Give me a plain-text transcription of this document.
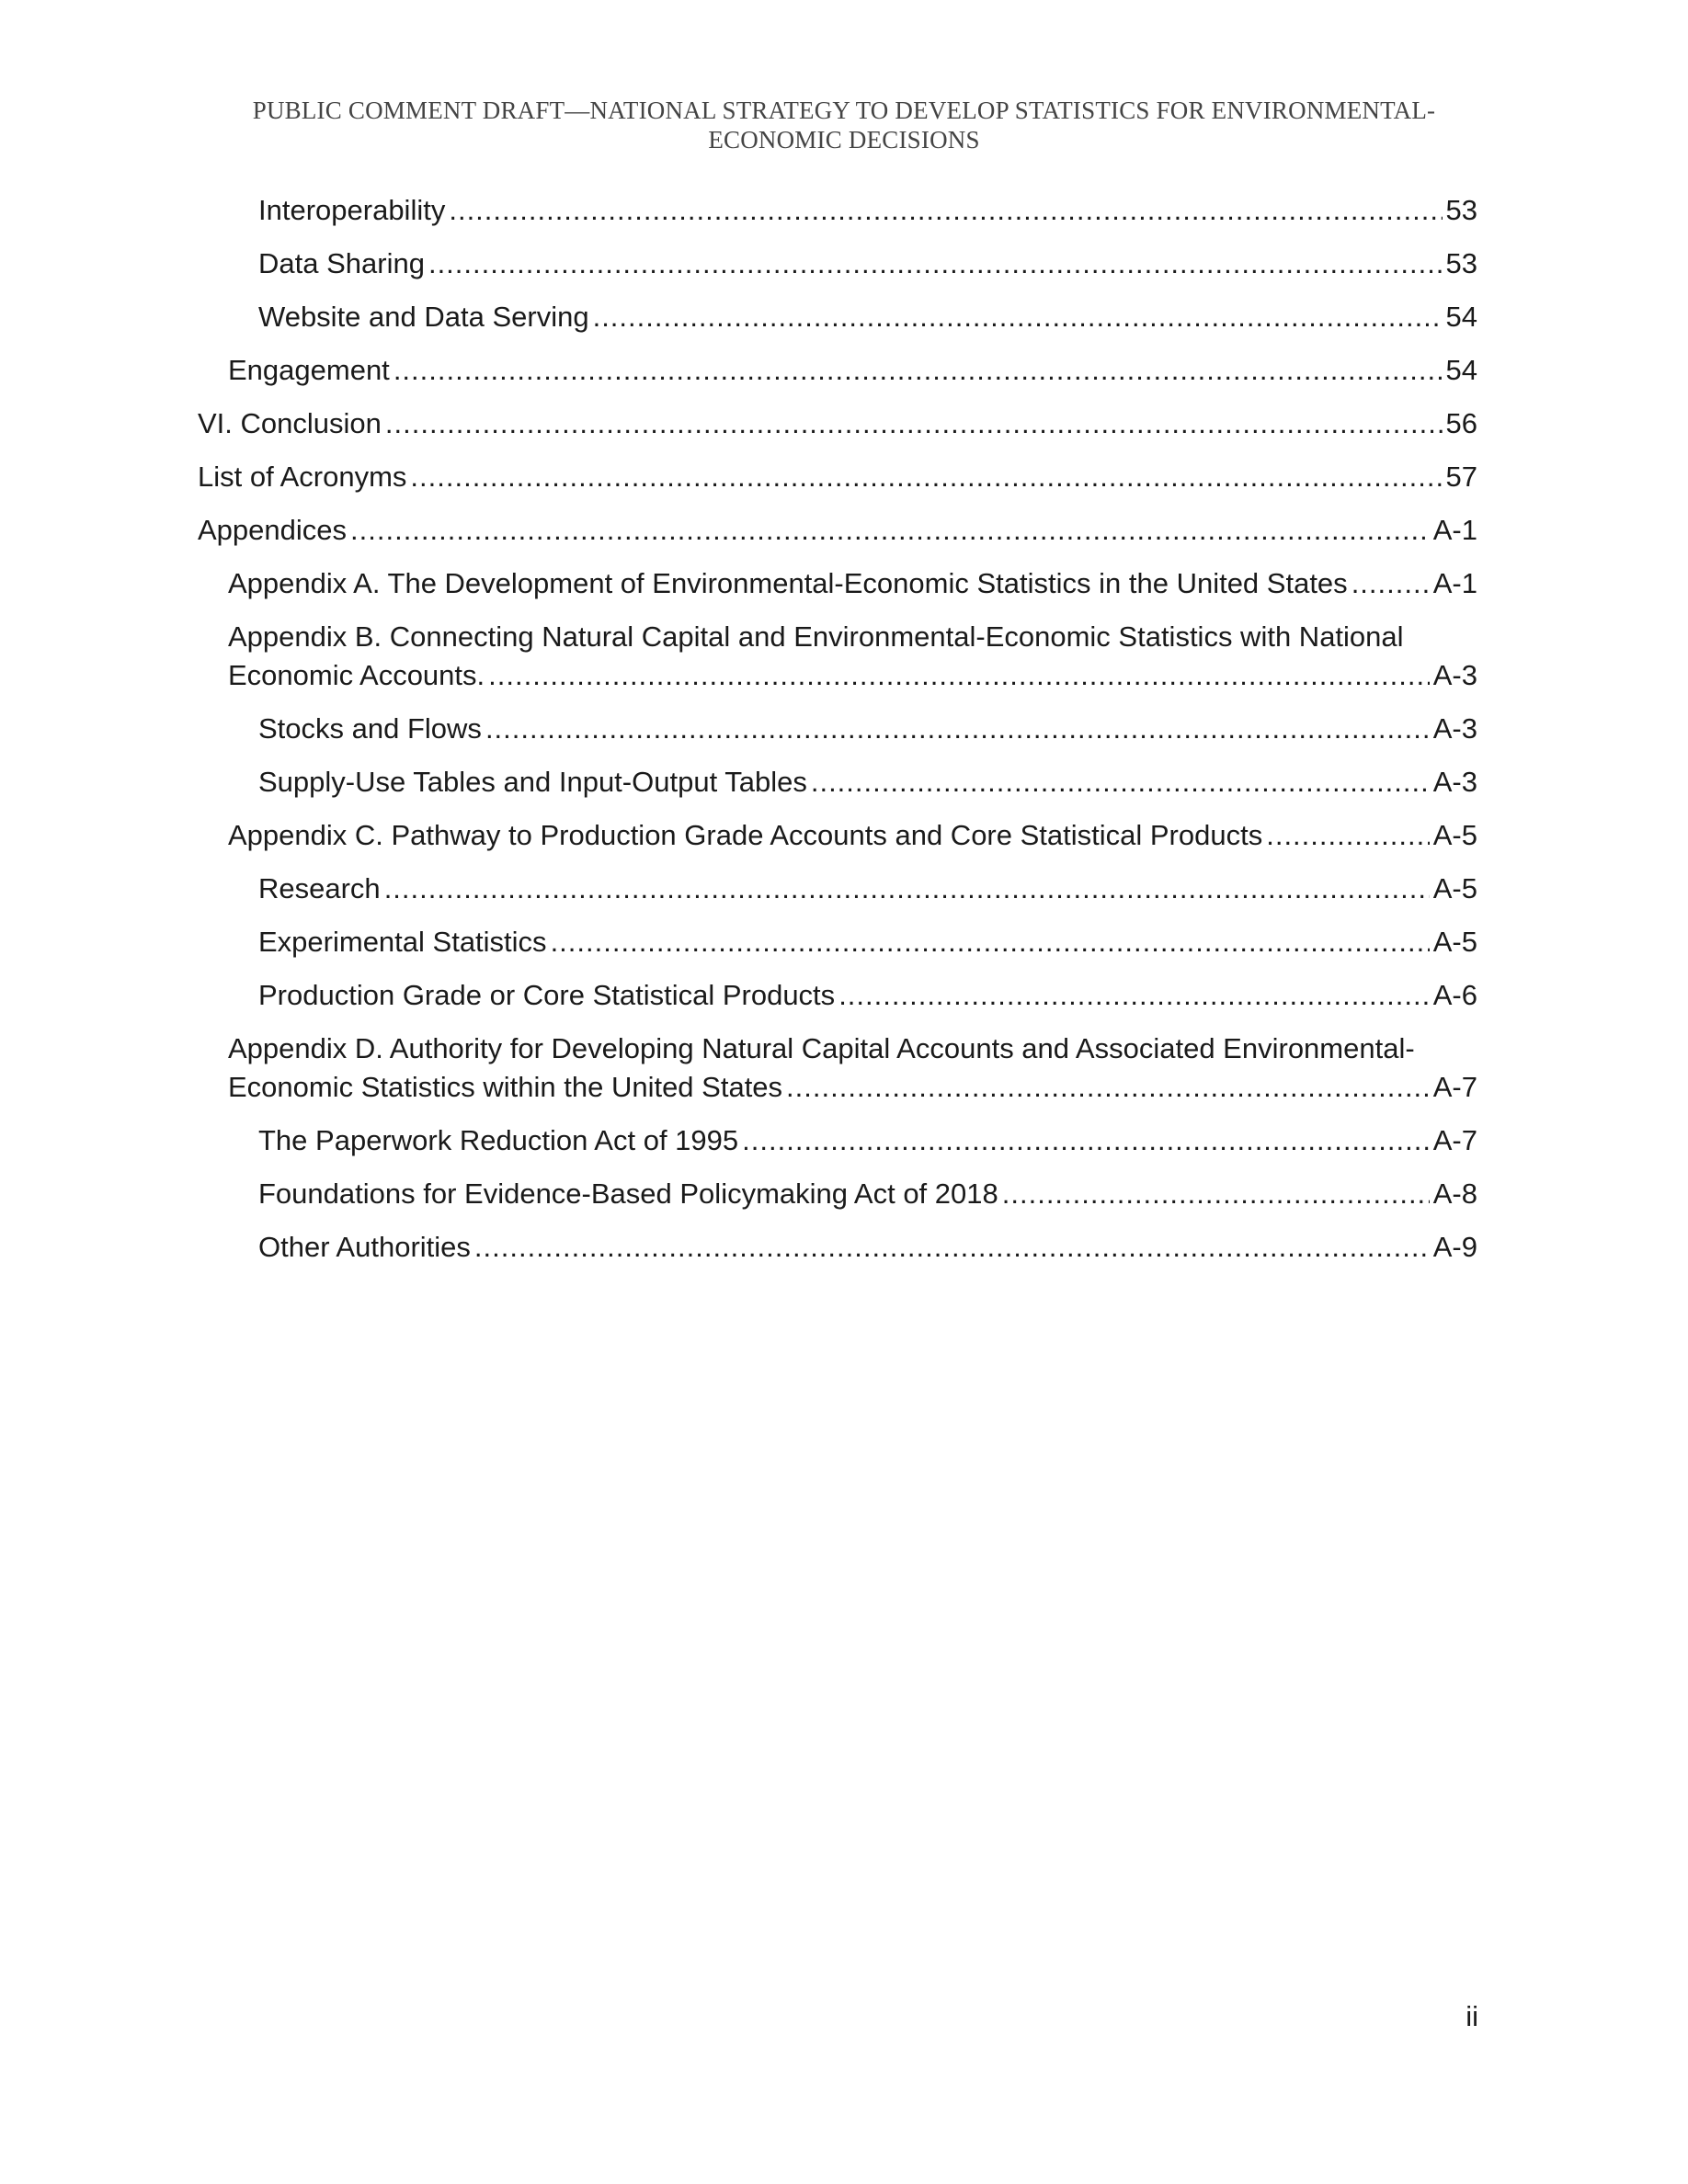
PUBLIC COMMENT DRAFT—NATIONAL STRATEGY TO DEVELOP STATISTICS FOR ENVIRONMENTAL-
ECONOMIC DECISIONS
Interoperability .....	53
Data Sharing .....	53
Website and Data Serving .....	54
Engagement .....	54
VI. Conclusion .....	56
List of Acronyms .....	57
Appendices .....	A-1
Appendix A. The Development of Environmental-Economic Statistics in the United States .....	A-1
Appendix B. Connecting Natural Capital and Environmental-Economic Statistics with National
Economic Accounts. .....	A-3
Stocks and Flows .....	A-3
Supply-Use Tables and Input-Output Tables .....	A-3
Appendix C. Pathway to Production Grade Accounts and Core Statistical Products .....	A-5
Research .....	A-5
Experimental Statistics .....	A-5
Production Grade or Core Statistical Products .....	A-6
Appendix D. Authority for Developing Natural Capital Accounts and Associated Environmental-
Economic Statistics within the United States .....	A-7
The Paperwork Reduction Act of 1995 .....	A-7
Foundations for Evidence-Based Policymaking Act of 2018 .....	A-8
Other Authorities .....	A-9
ii
